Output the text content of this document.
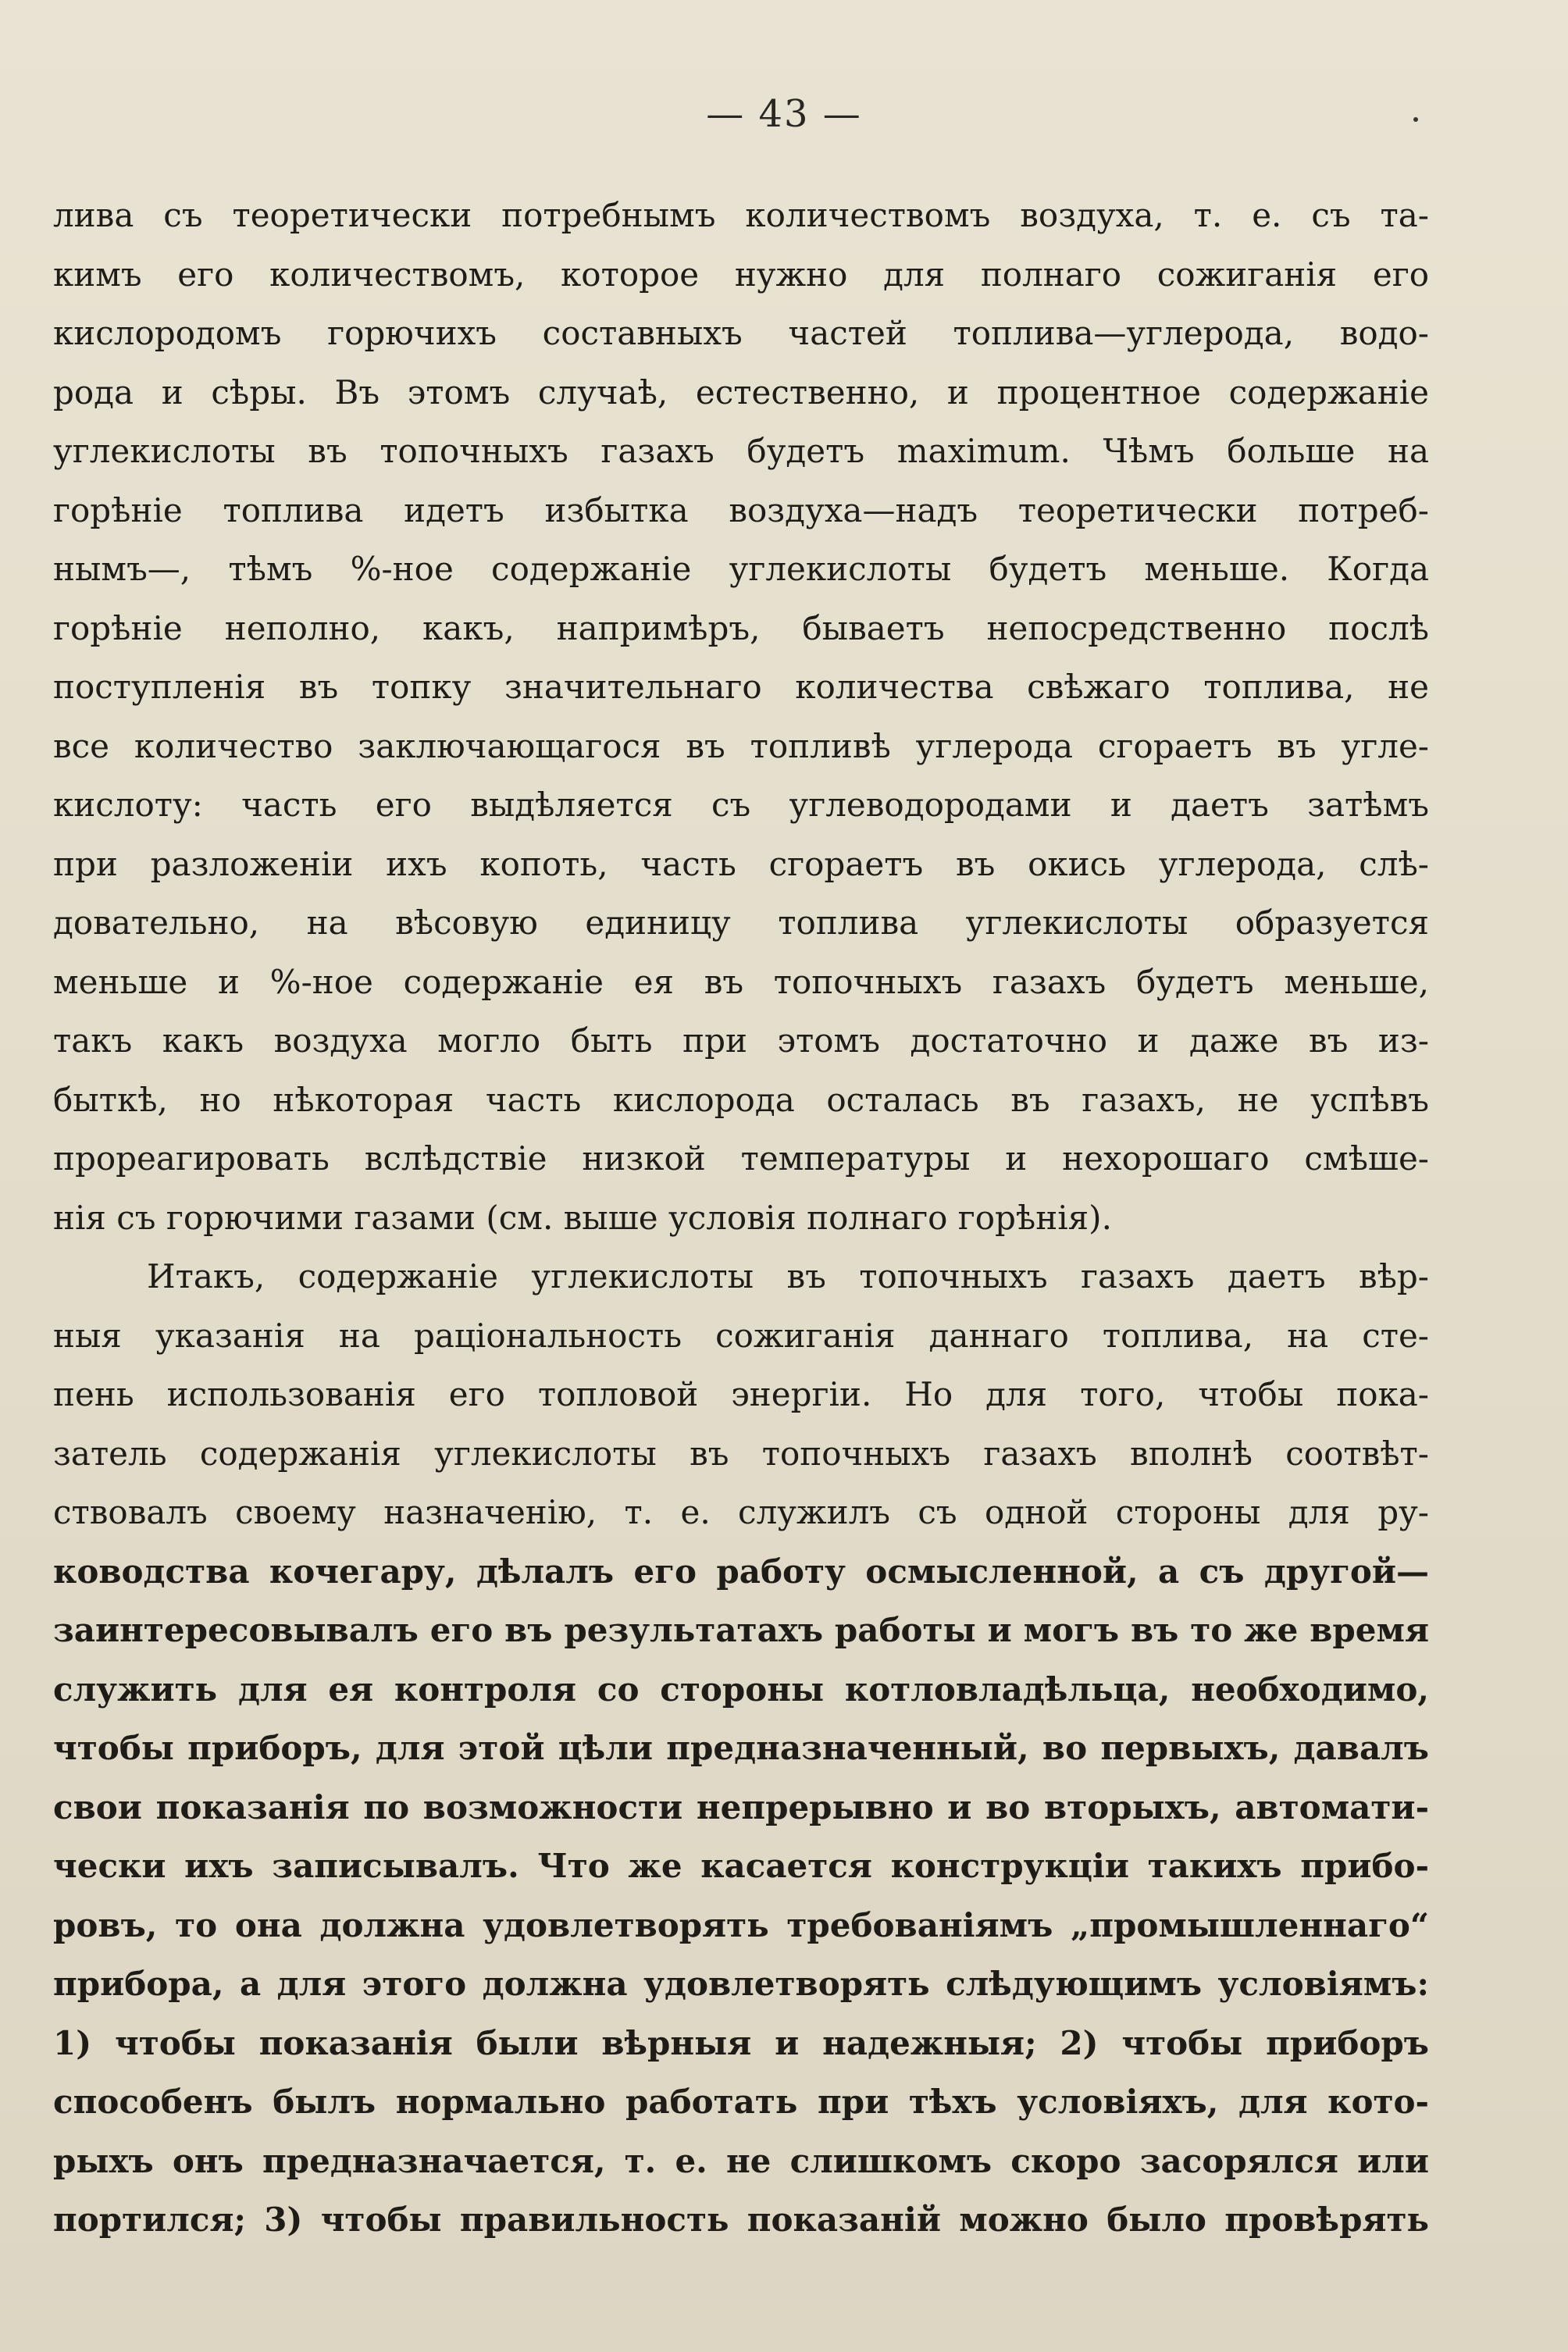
— 43 —
лива съ теоретически потребнымъ количествомъ воздуха, т. е. съ та-
кимъ его количествомъ, которое нужно для полнаго сожиганія его
кислородомъ горючихъ составныхъ частей топлива—углерода, водо-
рода и сѣры. Въ этомъ случаѣ, естественно, и процентное содержаніе
углекислоты въ топочныхъ газахъ будетъ maximum. Чѣмъ больше на
горѣніе топлива идетъ избытка воздуха—надъ теоретически потреб-
нымъ—, тѣмъ %-ное содержаніе углекислоты будетъ меньше. Когда
горѣніе неполно, какъ, напримѣръ, бываетъ непосредственно послѣ
поступленія въ топку значительнаго количества свѣжаго топлива, не
все количество заключающагося въ топливѣ углерода сгораетъ въ угле-
кислоту: часть его выдѣляется съ углеводородами и даетъ затѣмъ
при разложеніи ихъ копоть, часть сгораетъ въ окись углерода, слѣ-
довательно, на вѣсовую единицу топлива углекислоты образуется
меньше и %-ное содержаніе ея въ топочныхъ газахъ будетъ меньше,
такъ какъ воздуха могло быть при этомъ достаточно и даже въ из-
быткѣ, но нѣкоторая часть кислорода осталась въ газахъ, не успѣвъ
прореагировать вслѣдствіе низкой температуры и нехорошаго смѣше-
нія съ горючими газами (см. выше условія полнаго горѣнія).
Итакъ, содержаніе углекислоты въ топочныхъ газахъ даетъ вѣр-
ныя указанія на раціональность сожиганія даннаго топлива, на сте-
пень использованія его топловой энергіи. Но для того, чтобы пока-
затель содержанія углекислоты въ топочныхъ газахъ вполнѣ соотвѣт-
ствовалъ своему назначенію, т. е. служилъ съ одной стороны для ру-
ководства кочегару, дѣлалъ его работу осмысленной, а съ другой—
заинтересовывалъ его въ результатахъ работы и могъ въ то же время
служить для ея контроля со стороны котловладѣльца, необходимо,
чтобы приборъ, для этой цѣли предназначенный, во первыхъ, давалъ
свои показанія по возможности непрерывно и во вторыхъ, автомати-
чески ихъ записывалъ. Что же касается конструкціи такихъ прибо-
ровъ, то она должна удовлетворять требованіямъ „промышленнаго“
прибора, а для этого должна удовлетворять слѣдующимъ условіямъ:
1) чтобы показанія были вѣрныя и надежныя; 2) чтобы приборъ
способенъ былъ нормально работать при тѣхъ условіяхъ, для кото-
рыхъ онъ предназначается, т. е. не слишкомъ скоро засорялся или
портился; 3) чтобы правильность показаній можно было провѣрять
